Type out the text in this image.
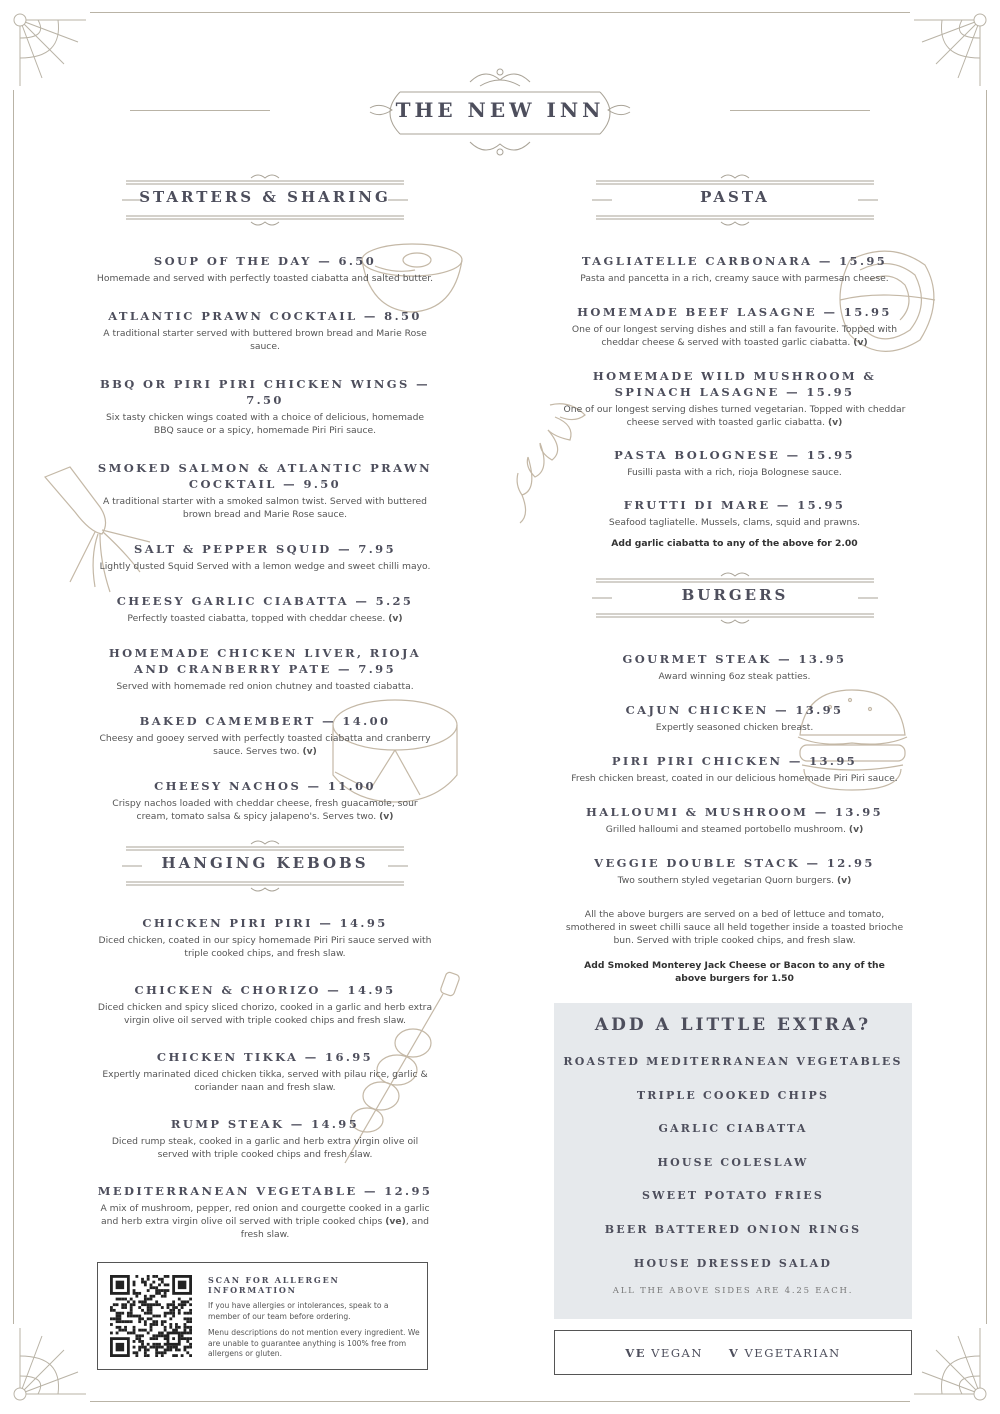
THE NEW INN
STARTERS & SHARING	PASTA
BURGERS
HANGING KEBOBS
SOUP OF THE DAY — 6.50
Homemade and served with perfectly toasted ciabatta and salted butter.
ATLANTIC PRAWN COCKTAIL — 8.50
A traditional starter served with buttered brown bread and Marie Rose sauce.
BBQ OR PIRI PIRI CHICKEN WINGS — 7.50
Six tasty chicken wings coated with a choice of delicious, homemade BBQ sauce or a spicy, homemade Piri Piri sauce.
SMOKED SALMON & ATLANTIC PRAWN COCKTAIL — 9.50
A traditional starter with a smoked salmon twist. Served with buttered brown bread and Marie Rose sauce.
SALT & PEPPER SQUID — 7.95
Lightly dusted Squid Served with a lemon wedge and sweet chilli mayo.
CHEESY GARLIC CIABATTA — 5.25
Perfectly toasted ciabatta, topped with cheddar cheese. (v)
HOMEMADE CHICKEN LIVER, RIOJA AND CRANBERRY PATE — 7.95
Served with homemade red onion chutney and toasted ciabatta.
BAKED CAMEMBERT — 14.00
Cheesy and gooey served with perfectly toasted ciabatta and cranberry sauce. Serves two. (v)
CHEESY NACHOS — 11.00
Crispy nachos loaded with cheddar cheese, fresh guacamole, sour cream, tomato salsa & spicy jalapeno's. Serves two. (v)
CHICKEN PIRI PIRI — 14.95
Diced chicken, coated in our spicy homemade Piri Piri sauce served with triple cooked chips, and fresh slaw.
CHICKEN & CHORIZO — 14.95
Diced chicken and spicy sliced chorizo, cooked in a garlic and herb extra virgin olive oil served with triple cooked chips and fresh slaw.
CHICKEN TIKKA — 16.95
Expertly marinated diced chicken tikka, served with pilau rice, garlic & coriander naan and fresh slaw.
RUMP STEAK — 14.95
Diced rump steak, cooked in a garlic and herb extra virgin olive oil served with triple cooked chips and fresh slaw.
MEDITERRANEAN VEGETABLE — 12.95
A mix of mushroom, pepper, red onion and courgette cooked in a garlic and herb extra virgin olive oil served with triple cooked chips (ve), and fresh slaw.
TAGLIATELLE CARBONARA — 15.95
Pasta and pancetta in a rich, creamy sauce with parmesan cheese.
HOMEMADE BEEF LASAGNE — 15.95
One of our longest serving dishes and still a fan favourite. Topped with cheddar cheese & served with toasted garlic ciabatta. (v)
HOMEMADE WILD MUSHROOM & SPINACH LASAGNE — 15.95
One of our longest serving dishes turned vegetarian. Topped with cheddar cheese served with toasted garlic ciabatta. (v)
PASTA BOLOGNESE — 15.95
Fusilli pasta with a rich, rioja Bolognese sauce.
FRUTTI DI MARE — 15.95
Seafood tagliatelle. Mussels, clams, squid and prawns.
Add garlic ciabatta to any of the above for 2.00
GOURMET STEAK — 13.95
Award winning 6oz steak patties.
CAJUN CHICKEN — 13.95
Expertly seasoned chicken breast.
PIRI PIRI CHICKEN — 13.95
Fresh chicken breast, coated in our delicious homemade Piri Piri sauce.
HALLOUMI & MUSHROOM — 13.95
Grilled halloumi and steamed portobello mushroom. (v)
VEGGIE DOUBLE STACK — 12.95
Two southern styled vegetarian Quorn burgers. (v)
All the above burgers are served on a bed of lettuce and tomato, smothered in sweet chilli sauce all held together inside a toasted brioche bun. Served with triple cooked chips, and fresh slaw.
Add Smoked Monterey Jack Cheese or Bacon to any of the above burgers for 1.50
ADD A LITTLE EXTRA?
ROASTED MEDITERRANEAN VEGETABLES
TRIPLE COOKED CHIPS
GARLIC CIABATTA
HOUSE COLESLAW
SWEET POTATO FRIES
BEER BATTERED ONION RINGS
HOUSE DRESSED SALAD
ALL THE ABOVE SIDES ARE 4.25 EACH.
VE
VEGAN V
VEGETARIAN
SCAN FOR ALLERGEN INFORMATION
If you have allergies or intolerances, speak to a member of our team before ordering.
Menu descriptions do not mention every ingredient. We are unable to guarantee anything is 100% free from allergens or gluten.
